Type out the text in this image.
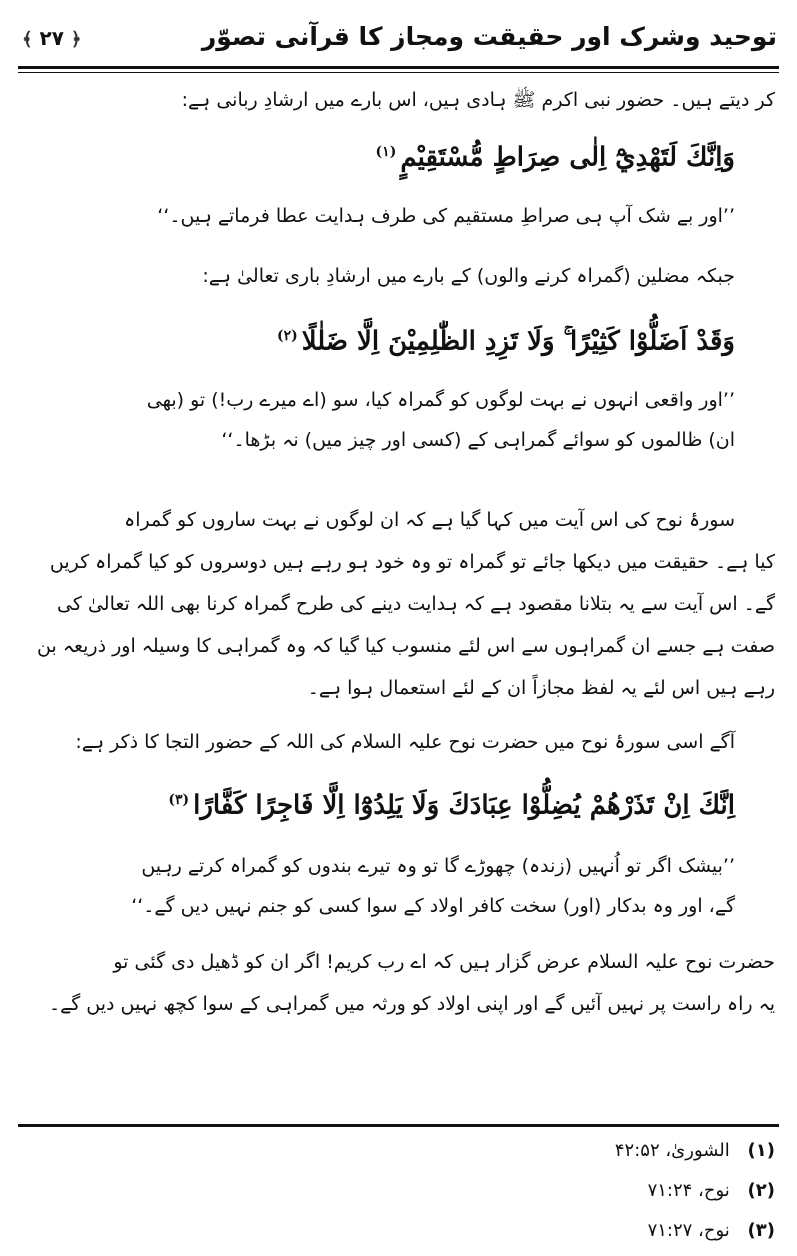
توحید وشرک اور حقیقت ومجاز کا قرآنی تصوّر
﴾ ۲۷ ﴿
کر دیتے ہیں۔ حضور نبی اکرم ﷺ ہادی ہیں، اس بارے میں ارشادِ ربانی ہے:
وَاِنَّكَ لَتَهْدِيْٓ اِلٰى صِرَاطٍ مُّسْتَقِيْمٍ$^{(۱)}$
’’اور بے شک آپ ہی صراطِ مستقیم کی طرف ہدایت عطا فرماتے ہیں۔‘‘
جبکہ مضلین (گمراہ کرنے والوں) کے بارے میں ارشادِ باری تعالیٰ ہے:
وَقَدْ اَضَلُّوْا كَثِيْرًا ۚ وَلَا تَزِدِ الظّٰلِمِيْنَ اِلَّا ضَلٰلًا$^{(۲)}$
’’اور واقعی انہوں نے بہت لوگوں کو گمراہ کیا، سو (اے میرے رب!) تو (بھی
ان) ظالموں کو سوائے گمراہی کے (کسی اور چیز میں) نہ بڑھا۔‘‘
سورۂ نوح کی اس آیت میں کہا گیا ہے کہ ان لوگوں نے بہت ساروں کو گمراہ
کیا ہے۔ حقیقت میں دیکھا جائے تو گمراہ تو وہ خود ہو رہے ہیں دوسروں کو کیا گمراہ کریں
گے۔ اس آیت سے یہ بتلانا مقصود ہے کہ ہدایت دینے کی طرح گمراہ کرنا بھی اللہ تعالیٰ کی
صفت ہے جسے ان گمراہوں سے اس لئے منسوب کیا گیا کہ وہ گمراہی کا وسیلہ اور ذریعہ بن
رہے ہیں اس لئے یہ لفظ مجازاً ان کے لئے استعمال ہوا ہے۔
آگے اسی سورۂ نوح میں حضرت نوح علیہ السلام کی اللہ کے حضور التجا کا ذکر ہے:
اِنَّكَ اِنْ تَذَرْهُمْ يُضِلُّوْا عِبَادَكَ وَلَا يَلِدُوْٓا اِلَّا فَاجِرًا كَفَّارًا$^{(۳)}$
’’بیشک اگر تو اُنہیں (زندہ) چھوڑے گا تو وہ تیرے بندوں کو گمراہ کرتے رہیں
گے، اور وہ بدکار (اور) سخت کافر اولاد کے سوا کسی کو جنم نہیں دیں گے۔‘‘
حضرت نوح علیہ السلام عرض گزار ہیں کہ اے رب کریم! اگر ان کو ڈھیل دی گئی تو
یہ راہ راست پر نہیں آئیں گے اور اپنی اولاد کو ورثہ میں گمراہی کے سوا کچھ نہیں دیں گے۔
(۱) الشوریٰ، ۴۲:۵۲
(۲) نوح، ۷۱:۲۴
(۳) نوح، ۷۱:۲۷
